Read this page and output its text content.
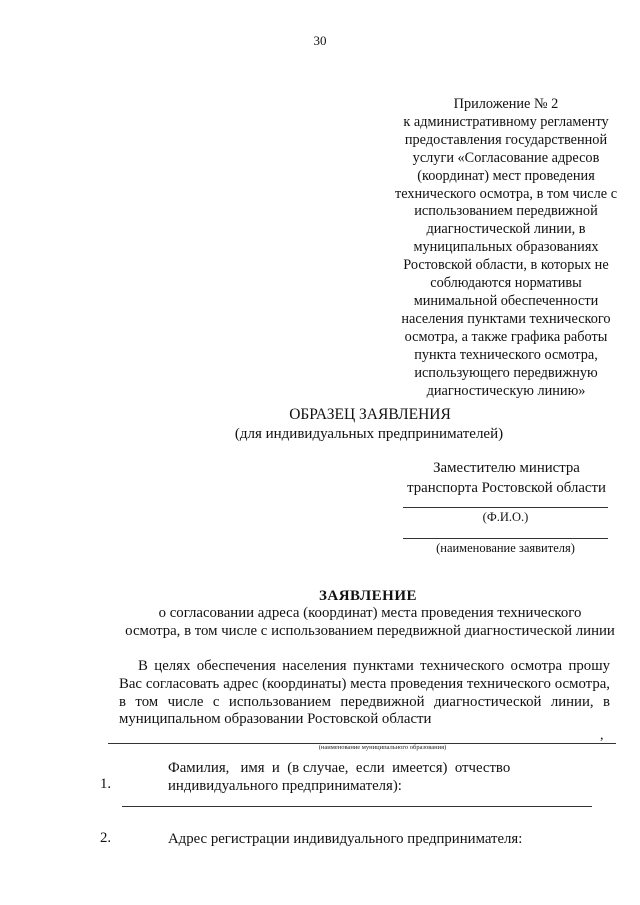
30
Приложение № 2
к административному регламенту
предоставления государственной
услуги «Согласование адресов
(координат) мест проведения
технического осмотра, в том числе с
использованием передвижной
диагностической линии, в
муниципальных образованиях
Ростовской области, в которых не
соблюдаются нормативы
минимальной обеспеченности
населения пунктами технического
осмотра, а также графика работы
пункта технического осмотра,
использующего передвижную
диагностическую линию»
ОБРАЗЕЦ ЗАЯВЛЕНИЯ
(для индивидуальных предпринимателей)
Заместителю министра
транспорта Ростовской области
(Ф.И.О.)
(наименование заявителя)
ЗАЯВЛЕНИЕ
о согласовании адреса (координат) места проведения технического
осмотра, в том числе с использованием передвижной диагностической линии

В целях обеспечения населения пунктами технического осмотра прошу Вас согласовать адрес (координаты) места проведения технического осмотра, в том числе с использованием передвижной диагностической линии, в муниципальном образовании Ростовской области

,
(наименование муниципального образования)
1.
Фамилия,   имя  и  (в случае,  если  имеется)  отчество
индивидуального предпринимателя):
2.	Адрес регистрации индивидуального предпринимателя:
